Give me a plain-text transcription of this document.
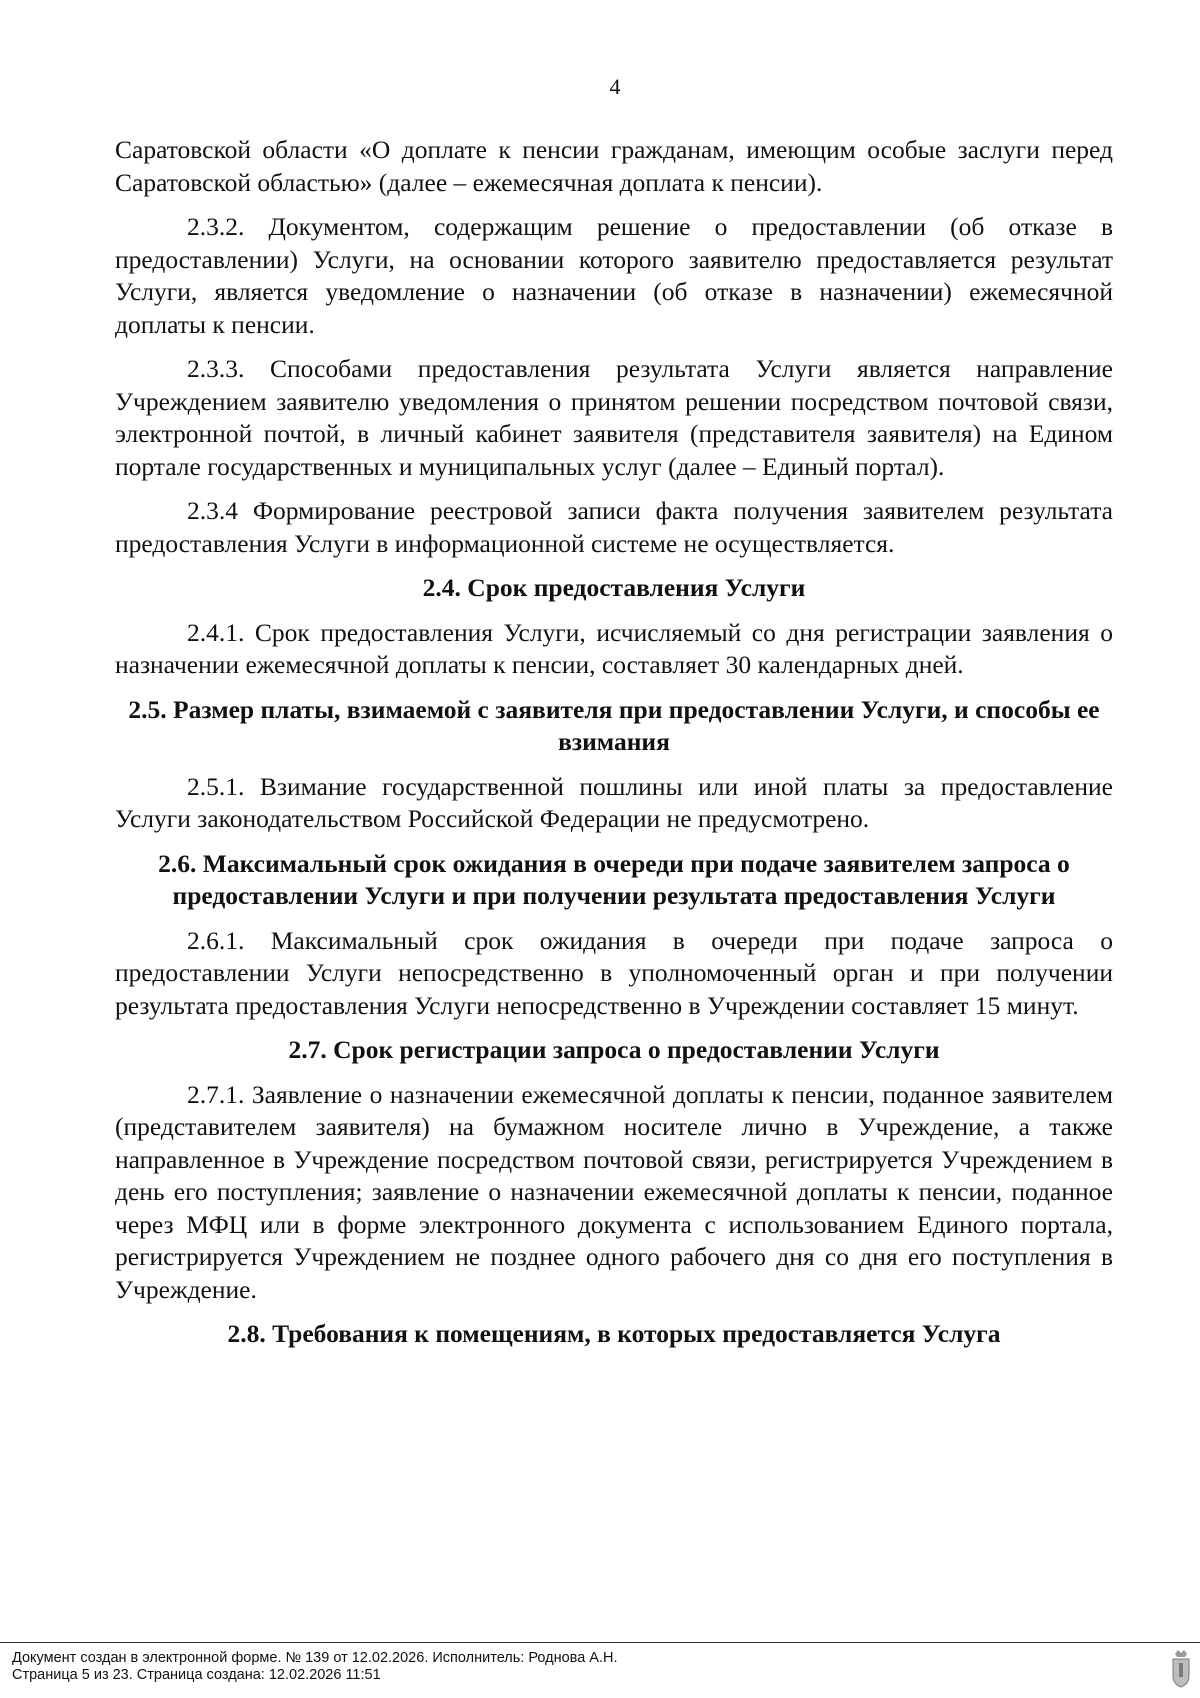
4

Саратовской области «О доплате к пенсии гражданам, имеющим особые заслуги перед Саратовской областью» (далее – ежемесячная доплата к пенсии).

2.3.2. Документом, содержащим решение о предоставлении (об отказе в предоставлении) Услуги, на основании которого заявителю предоставляется результат Услуги, является уведомление о назначении (об отказе в назначении) ежемесячной доплаты к пенсии.

2.3.3. Способами предоставления результата Услуги является направление Учреждением заявителю уведомления о принятом решении посредством почтовой связи, электронной почтой, в личный кабинет заявителя (представителя заявителя) на Едином портале государственных и муниципальных услуг (далее – Единый портал).

2.3.4 Формирование реестровой записи факта получения заявителем результата предоставления Услуги в информационной системе не осуществляется.

2.4. Срок предоставления Услуги

2.4.1. Срок предоставления Услуги, исчисляемый со дня регистрации заявления о назначении ежемесячной доплаты к пенсии, составляет 30 календарных дней.

2.5. Размер платы, взимаемой с заявителя при предоставлении Услуги, и способы ее взимания

2.5.1. Взимание государственной пошлины или иной платы за предоставление Услуги законодательством Российской Федерации не предусмотрено.

2.6. Максимальный срок ожидания в очереди при подаче заявителем запроса о предоставлении Услуги и при получении результата предоставления Услуги

2.6.1. Максимальный срок ожидания в очереди при подаче запроса о предоставлении Услуги непосредственно в уполномоченный орган и при получении результата предоставления Услуги непосредственно в Учреждении составляет 15 минут.

2.7. Срок регистрации запроса о предоставлении Услуги

2.7.1. Заявление о назначении ежемесячной доплаты к пенсии, поданное заявителем (представителем заявителя) на бумажном носителе лично в Учреждение, а также направленное в Учреждение посредством почтовой связи, регистрируется Учреждением в день его поступления; заявление о назначении ежемесячной доплаты к пенсии, поданное через МФЦ или в форме электронного документа с использованием Единого портала, регистрируется Учреждением не позднее одного рабочего дня со дня его поступления в Учреждение.

2.8. Требования к помещениям, в которых предоставляется Услуга
Документ создан в электронной форме. № 139 от 12.02.2026. Исполнитель: Роднова А.Н.
Страница 5 из 23. Страница создана: 12.02.2026 11:51
